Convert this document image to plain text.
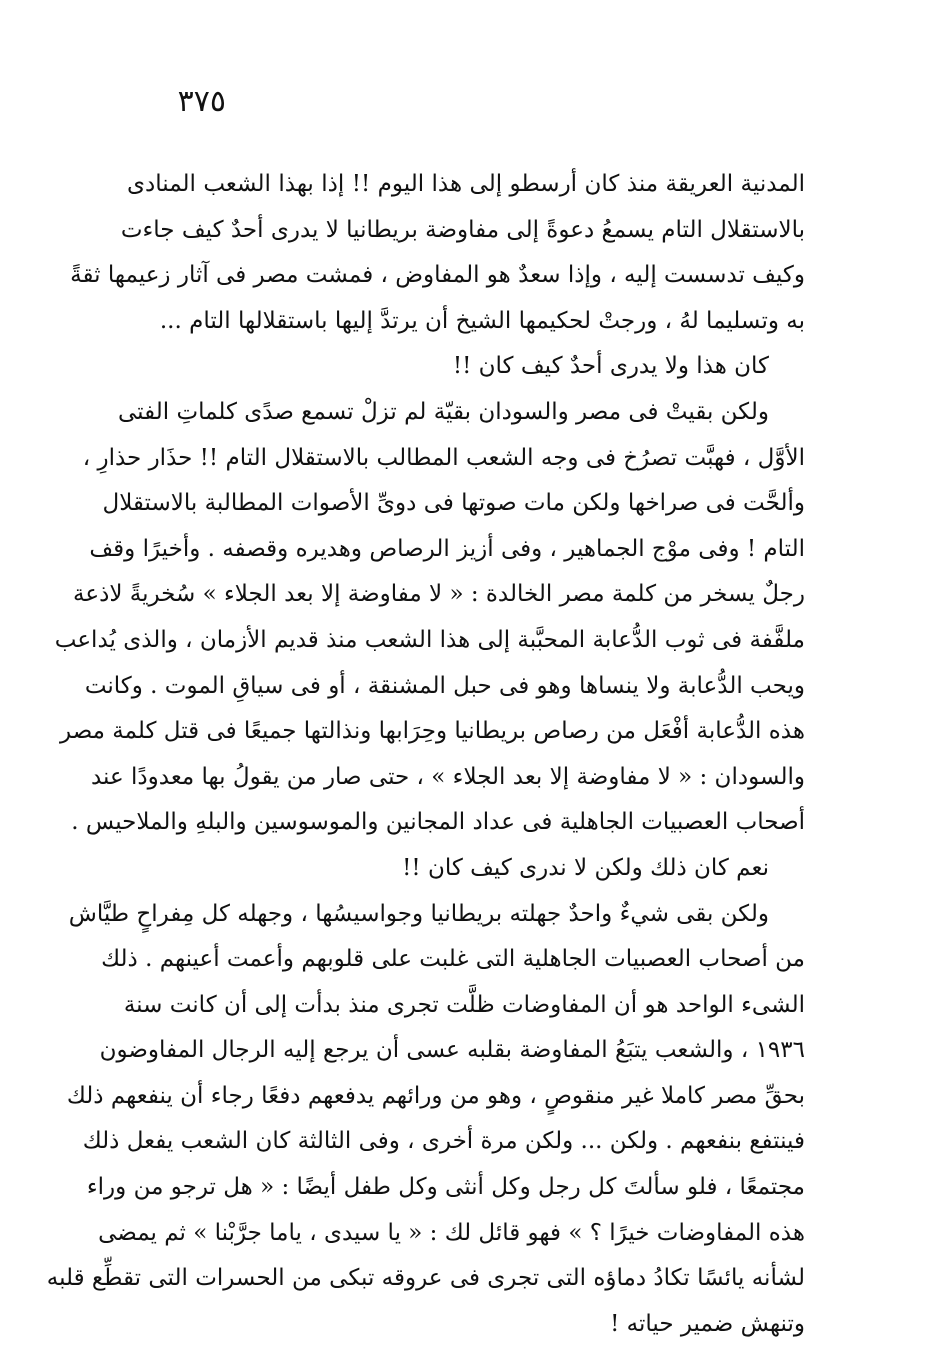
٣٧٥
المدنية العريقة منذ كان أرسطو إلى هذا اليوم !! إذا بهذا الشعب المنادى
بالاستقلال التام يسمعُ دعوةً إلى مفاوضة بريطانيا لا يدرى أحدٌ كيف جاءت
وكيف تدسست إليه ، وإذا سعدٌ هو المفاوض ، فمشت مصر فى آثار زعيمها ثقةً
به وتسليما لهُ ، ورجتْ لحكيمها الشيخ أن يرتدَّ إليها باستقلالها التام ...
كان هذا ولا يدرى أحدٌ كيف كان !!
ولكن بقيتْ فى مصر والسودان بقيّة لم تزلْ تسمع صدًى كلماتِ الفتى
الأوَّل ، فهبَّت تصرُخ فى وجه الشعب المطالب بالاستقلال التام !! حذَار حذارِ ،
وألحَّت فى صراخها ولكن مات صوتها فى دوىِّ الأصوات المطالبة بالاستقلال
التام ! وفى موْج الجماهير ، وفى أزيز الرصاص وهديره وقصفه . وأخيرًا وقف
رجلٌ يسخر من كلمة مصر الخالدة : « لا مفاوضة إلا بعد الجلاء » سُخريةً لاذعة
ملفَّفة فى ثوب الدُّعابة المحبَّبة إلى هذا الشعب منذ قديم الأزمان ، والذى يُداعب
ويحب الدُّعابة ولا ينساها وهو فى حبل المشنقة ، أو فى سياقِ الموت . وكانت
هذه الدُّعابة أفْعَل من رصاص بريطانيا وحِرَابها ونذالتها جميعًا فى قتل كلمة مصر
والسودان : « لا مفاوضة إلا بعد الجلاء » ، حتى صار من يقولُ بها معدودًا عند
أصحاب العصبيات الجاهلية فى عداد المجانين والموسوسين والبلهِ والملاحيس .
نعم كان ذلك ولكن لا ندرى كيف كان !!
ولكن بقى شيءٌ واحدٌ جهلته بريطانيا وجواسيسُها ، وجهله كل مِفراحٍ طيَّاش
من أصحاب العصبيات الجاهلية التى غلبت على قلوبهم وأعمت أعينهم . ذلك
الشىء الواحد هو أن المفاوضات ظلَّت تجرى منذ بدأت إلى أن كانت سنة
١٩٣٦ ، والشعب يتبَعُ المفاوضة بقلبه عسى أن يرجع إليه الرجال المفاوضون
بحقِّ مصر كاملا غير منقوصٍ ، وهو من ورائهم يدفعهم دفعًا رجاء أن ينفعهم ذلك
فينتفع بنفعهم . ولكن ... ولكن مرة أخرى ، وفى الثالثة كان الشعب يفعل ذلك
مجتمعًا ، فلو سألتَ كل رجل وكل أنثى وكل طفل أيضًا : « هل ترجو من وراء
هذه المفاوضات خيرًا ؟ » فهو قائل لك : « يا سيدى ، ياما جرَّبْنا » ثم يمضى
لشأنه يائسًا تكادُ دماؤه التى تجرى فى عروقه تبكى من الحسرات التى تقطِّع قلبه
وتنهش ضمير حياته !
